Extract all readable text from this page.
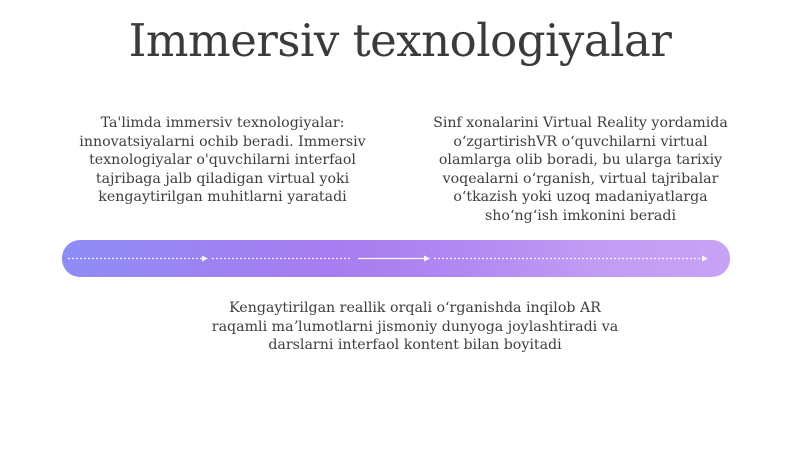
Immersiv texnologiyalar

Ta'limda immersiv texnologiyalar: innovatsiyalarni ochib beradi. Immersiv texnologiyalar o'quvchilarni interfaol tajribaga jalb qiladigan virtual yoki kengaytirilgan muhitlarni yaratadi

Sinf xonalarini Virtual Reality yordamida oʻzgartirishVR oʻquvchilarni virtual olamlarga olib boradi, bu ularga tarixiy voqealarni oʻrganish, virtual tajribalar oʻtkazish yoki uzoq madaniyatlarga shoʻngʻish imkonini beradi

Kengaytirilgan reallik orqali oʻrganishda inqilob AR raqamli maʼlumotlarni jismoniy dunyoga joylashtiradi va darslarni interfaol kontent bilan boyitadi
